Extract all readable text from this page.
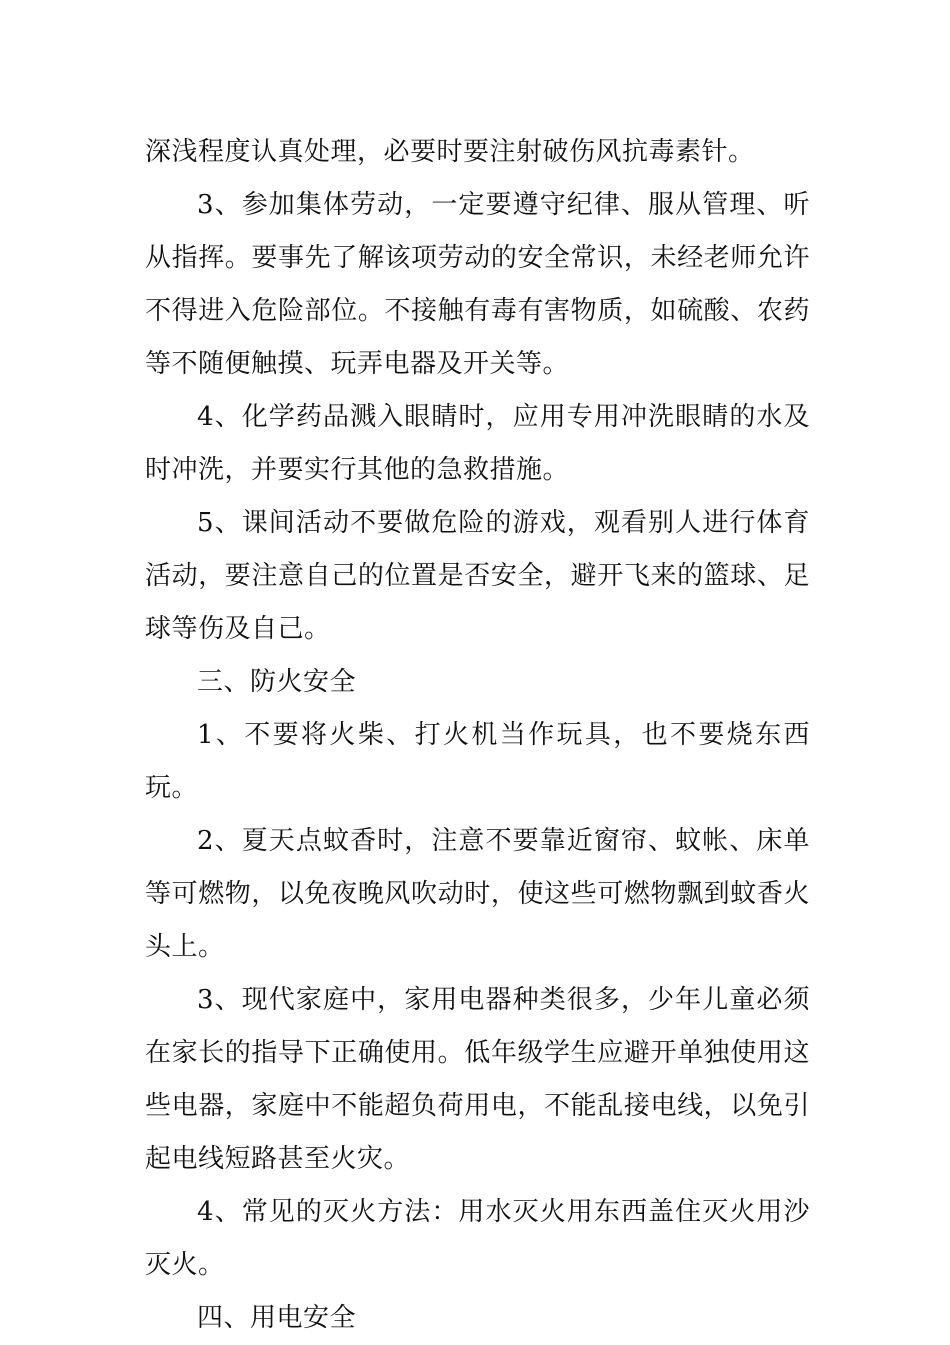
深浅程度认真处理，必要时要注射破伤风抗毒素针。

3、参加集体劳动，一定要遵守纪律、服从管理、听从指挥。要事先了解该项劳动的安全常识，未经老师允许不得进入危险部位。不接触有毒有害物质，如硫酸、农药等不随便触摸、玩弄电器及开关等。

4、化学药品溅入眼睛时，应用专用冲洗眼睛的水及时冲洗，并要实行其他的急救措施。

5、课间活动不要做危险的游戏，观看别人进行体育活动，要注意自己的位置是否安全，避开飞来的篮球、足球等伤及自己。

三、防火安全

1、不要将火柴、打火机当作玩具，也不要烧东西玩。

2、夏天点蚊香时，注意不要靠近窗帘、蚊帐、床单等可燃物，以免夜晚风吹动时，使这些可燃物飘到蚊香火头上。

3、现代家庭中，家用电器种类很多，少年儿童必须在家长的指导下正确使用。低年级学生应避开单独使用这些电器，家庭中不能超负荷用电，不能乱接电线，以免引起电线短路甚至火灾。

4、常见的灭火方法：用水灭火用东西盖住灭火用沙灭火。

四、用电安全
